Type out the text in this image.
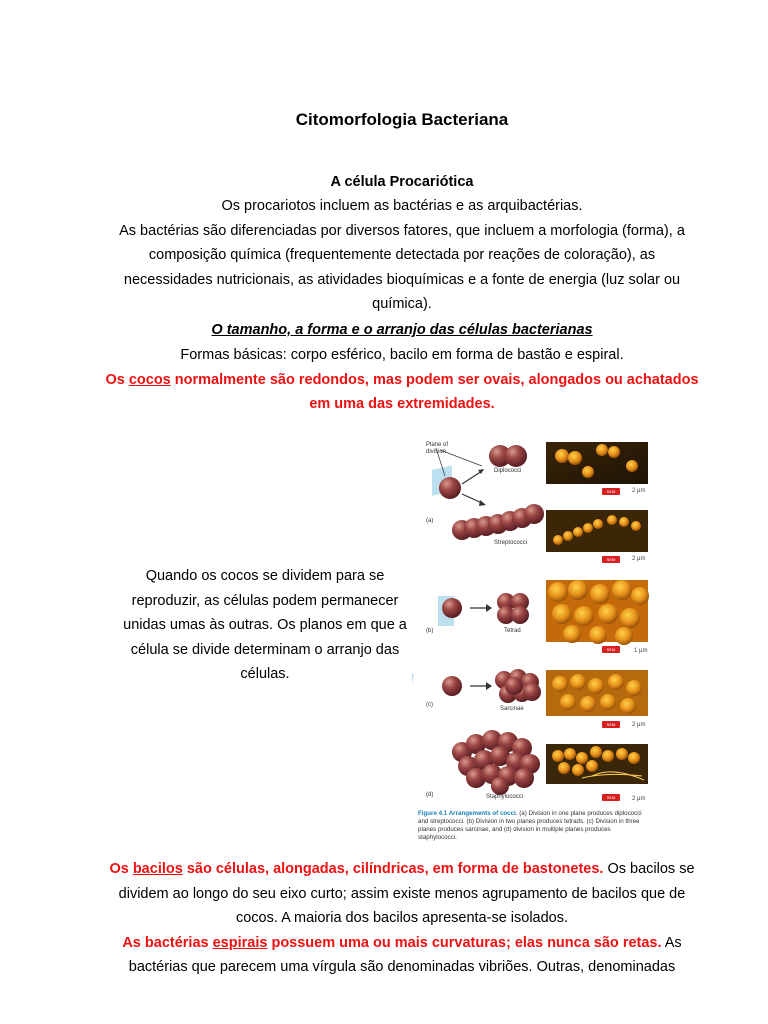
Citomorfologia Bacteriana
A célula Procariótica
Os procariotos incluem as bactérias e as arquibactérias.
As bactérias são diferenciadas por diversos fatores, que incluem a morfologia (forma), a
composição química (frequentemente detectada por reações de coloração), as
necessidades nutricionais, as atividades bioquímicas e a fonte de energia (luz solar ou
química).
O tamanho, a forma e o arranjo das células bacterianas
Formas básicas: corpo esférico, bacilo em forma de bastão e espiral.
Os cocos normalmente são redondos, mas podem ser ovais, alongados ou achatados
em uma das extremidades.
Quando os cocos se dividem para se
reproduzir, as células podem permanecer
unidas umas às outras. Os planos em que a
célula se divide determinam o arranjo das
células.
Plane of
division
Diplococci
Streptococci
Tetrad
Sarcinae
Staphylococci
(a)
(b)
(c)
(d)
SEM	2 μm
SEM	2 μm
SEM	1 μm
SEM	2 μm
SEM	2 μm
Figure 4.1 Arrangements of cocci. (a) Division in one plane produces diplococci and streptococci. (b) Division in two planes produces tetrads. (c) Division in three planes produces sarcinae, and (d) division in multiple planes produces staphylococci.
Os bacilos são células, alongadas, cilíndricas, em forma de bastonetes. Os bacilos se
dividem ao longo do seu eixo curto; assim existe menos agrupamento de bacilos que de
cocos. A maioria dos bacilos apresenta-se isolados.
As bactérias espirais possuem uma ou mais curvaturas; elas nunca são retas. As
bactérias que parecem uma vírgula são denominadas vibriões. Outras, denominadas
